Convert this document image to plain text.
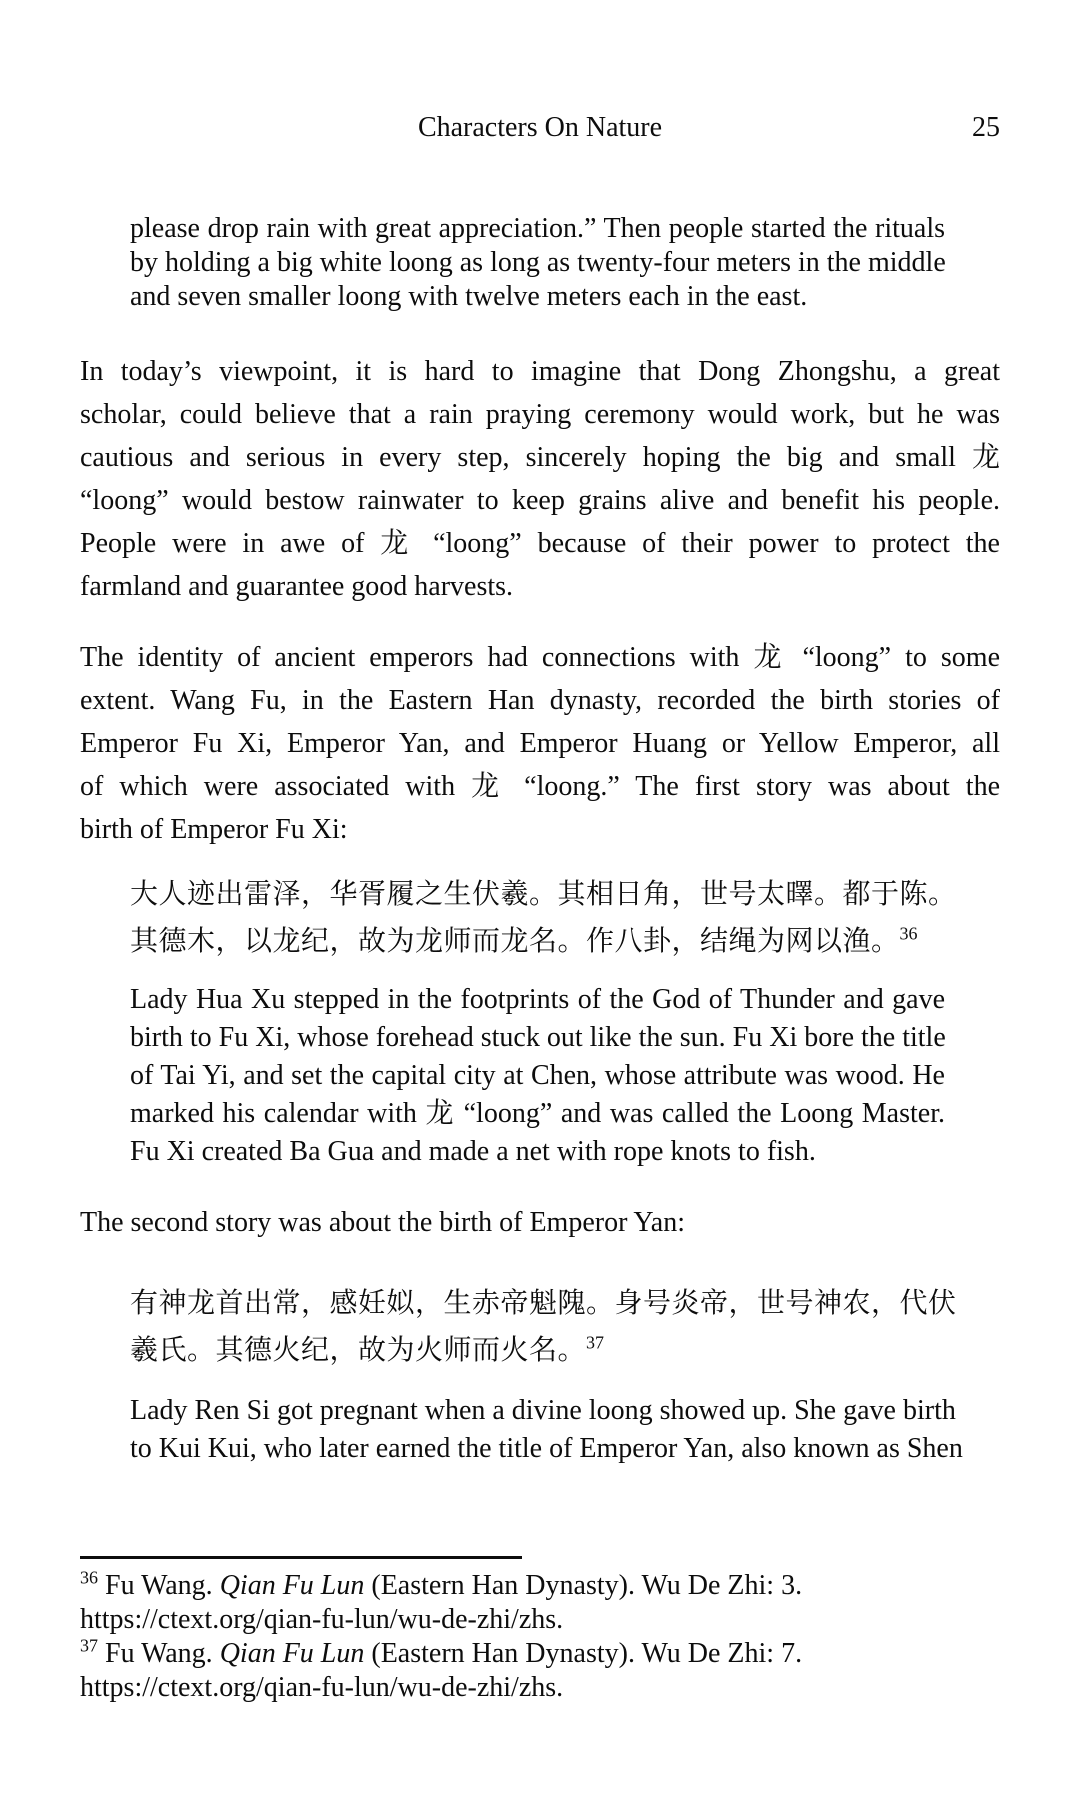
Characters On Nature	25
please drop rain with great appreciation.” Then people started the rituals
by holding a big white loong as long as twenty-four meters in the middle
and seven smaller loong with twelve meters each in the east.
In today’s viewpoint, it is hard to imagine that Dong Zhongshu, a great
scholar, could believe that a rain praying ceremony would work, but he was
cautious and serious in every step, sincerely hoping the big and small 龙
“loong” would bestow rainwater to keep grains alive and benefit his people.
People were in awe of 龙 “loong” because of their power to protect the
farmland and guarantee good harvests.
The identity of ancient emperors had connections with 龙 “loong” to some
extent. Wang Fu, in the Eastern Han dynasty, recorded the birth stories of
Emperor Fu Xi, Emperor Yan, and Emperor Huang or Yellow Emperor, all
of which were associated with 龙 “loong.” The first story was about the
birth of Emperor Fu Xi:
大人迹出雷泽，华胥履之生伏羲。其相日角，世号太曎。都于陈。
其德木，以龙纪，故为龙师而龙名。作八卦，结绳为网以渔。$^{36}$
Lady Hua Xu stepped in the footprints of the God of Thunder and gave
birth to Fu Xi, whose forehead stuck out like the sun. Fu Xi bore the title
of Tai Yi, and set the capital city at Chen, whose attribute was wood. He
marked his calendar with 龙 “loong” and was called the Loong Master.
Fu Xi created Ba Gua and made a net with rope knots to fish.
The second story was about the birth of Emperor Yan:
有神龙首出常，感妊姒，生赤帝魁隗。身号炎帝，世号神农，代伏
羲氏。其德火纪，故为火师而火名。$^{37}$
Lady Ren Si got pregnant when a divine loong showed up. She gave birth
to Kui Kui, who later earned the title of Emperor Yan, also known as Shen
$^{36}$ Fu Wang. Qian Fu Lun (Eastern Han Dynasty). Wu De Zhi: 3.
https://ctext.org/qian-fu-lun/wu-de-zhi/zhs.
$^{37}$ Fu Wang. Qian Fu Lun (Eastern Han Dynasty). Wu De Zhi: 7.
https://ctext.org/qian-fu-lun/wu-de-zhi/zhs.
